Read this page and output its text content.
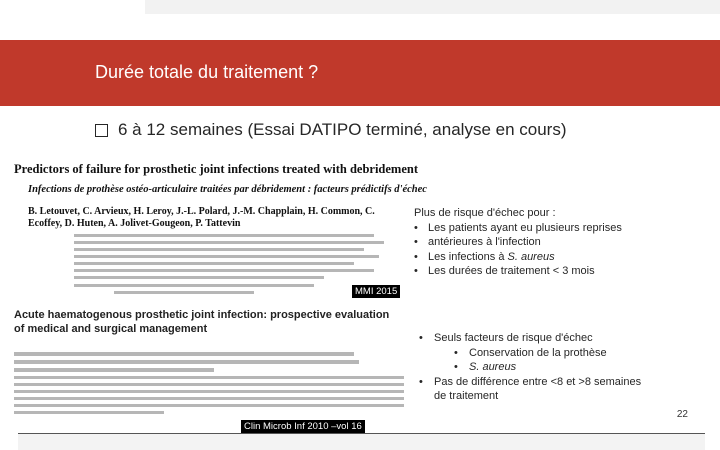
Durée totale du traitement ?
6 à 12 semaines (Essai DATIPO terminé, analyse en cours)
Predictors of failure for prosthetic joint infections treated with debridement
Infections de prothèse ostéo-articulaire traitées par débridement : facteurs prédictifs d'échec
B. Letouvet, C. Arvieux, H. Leroy, J.-L. Polard, J.-M. Chapplain, H. Common, C. Ecoffey, D. Huten, A. Jolivet-Gougeon, P. Tattevin
MMI 2015
Plus de risque d'échec pour :
• Les patients ayant eu plusieurs reprises
• antérieures à l'infection
• Les infections à S. aureus
• Les durées de traitement < 3 mois
Acute haematogenous prosthetic joint infection: prospective evaluation of medical and surgical management
Clin Microb Inf 2010 –vol 16
• Seuls facteurs de risque d'échec
• Conservation de la prothèse
• S. aureus
• Pas de différence entre <8 et >8 semaines
de traitement
22
